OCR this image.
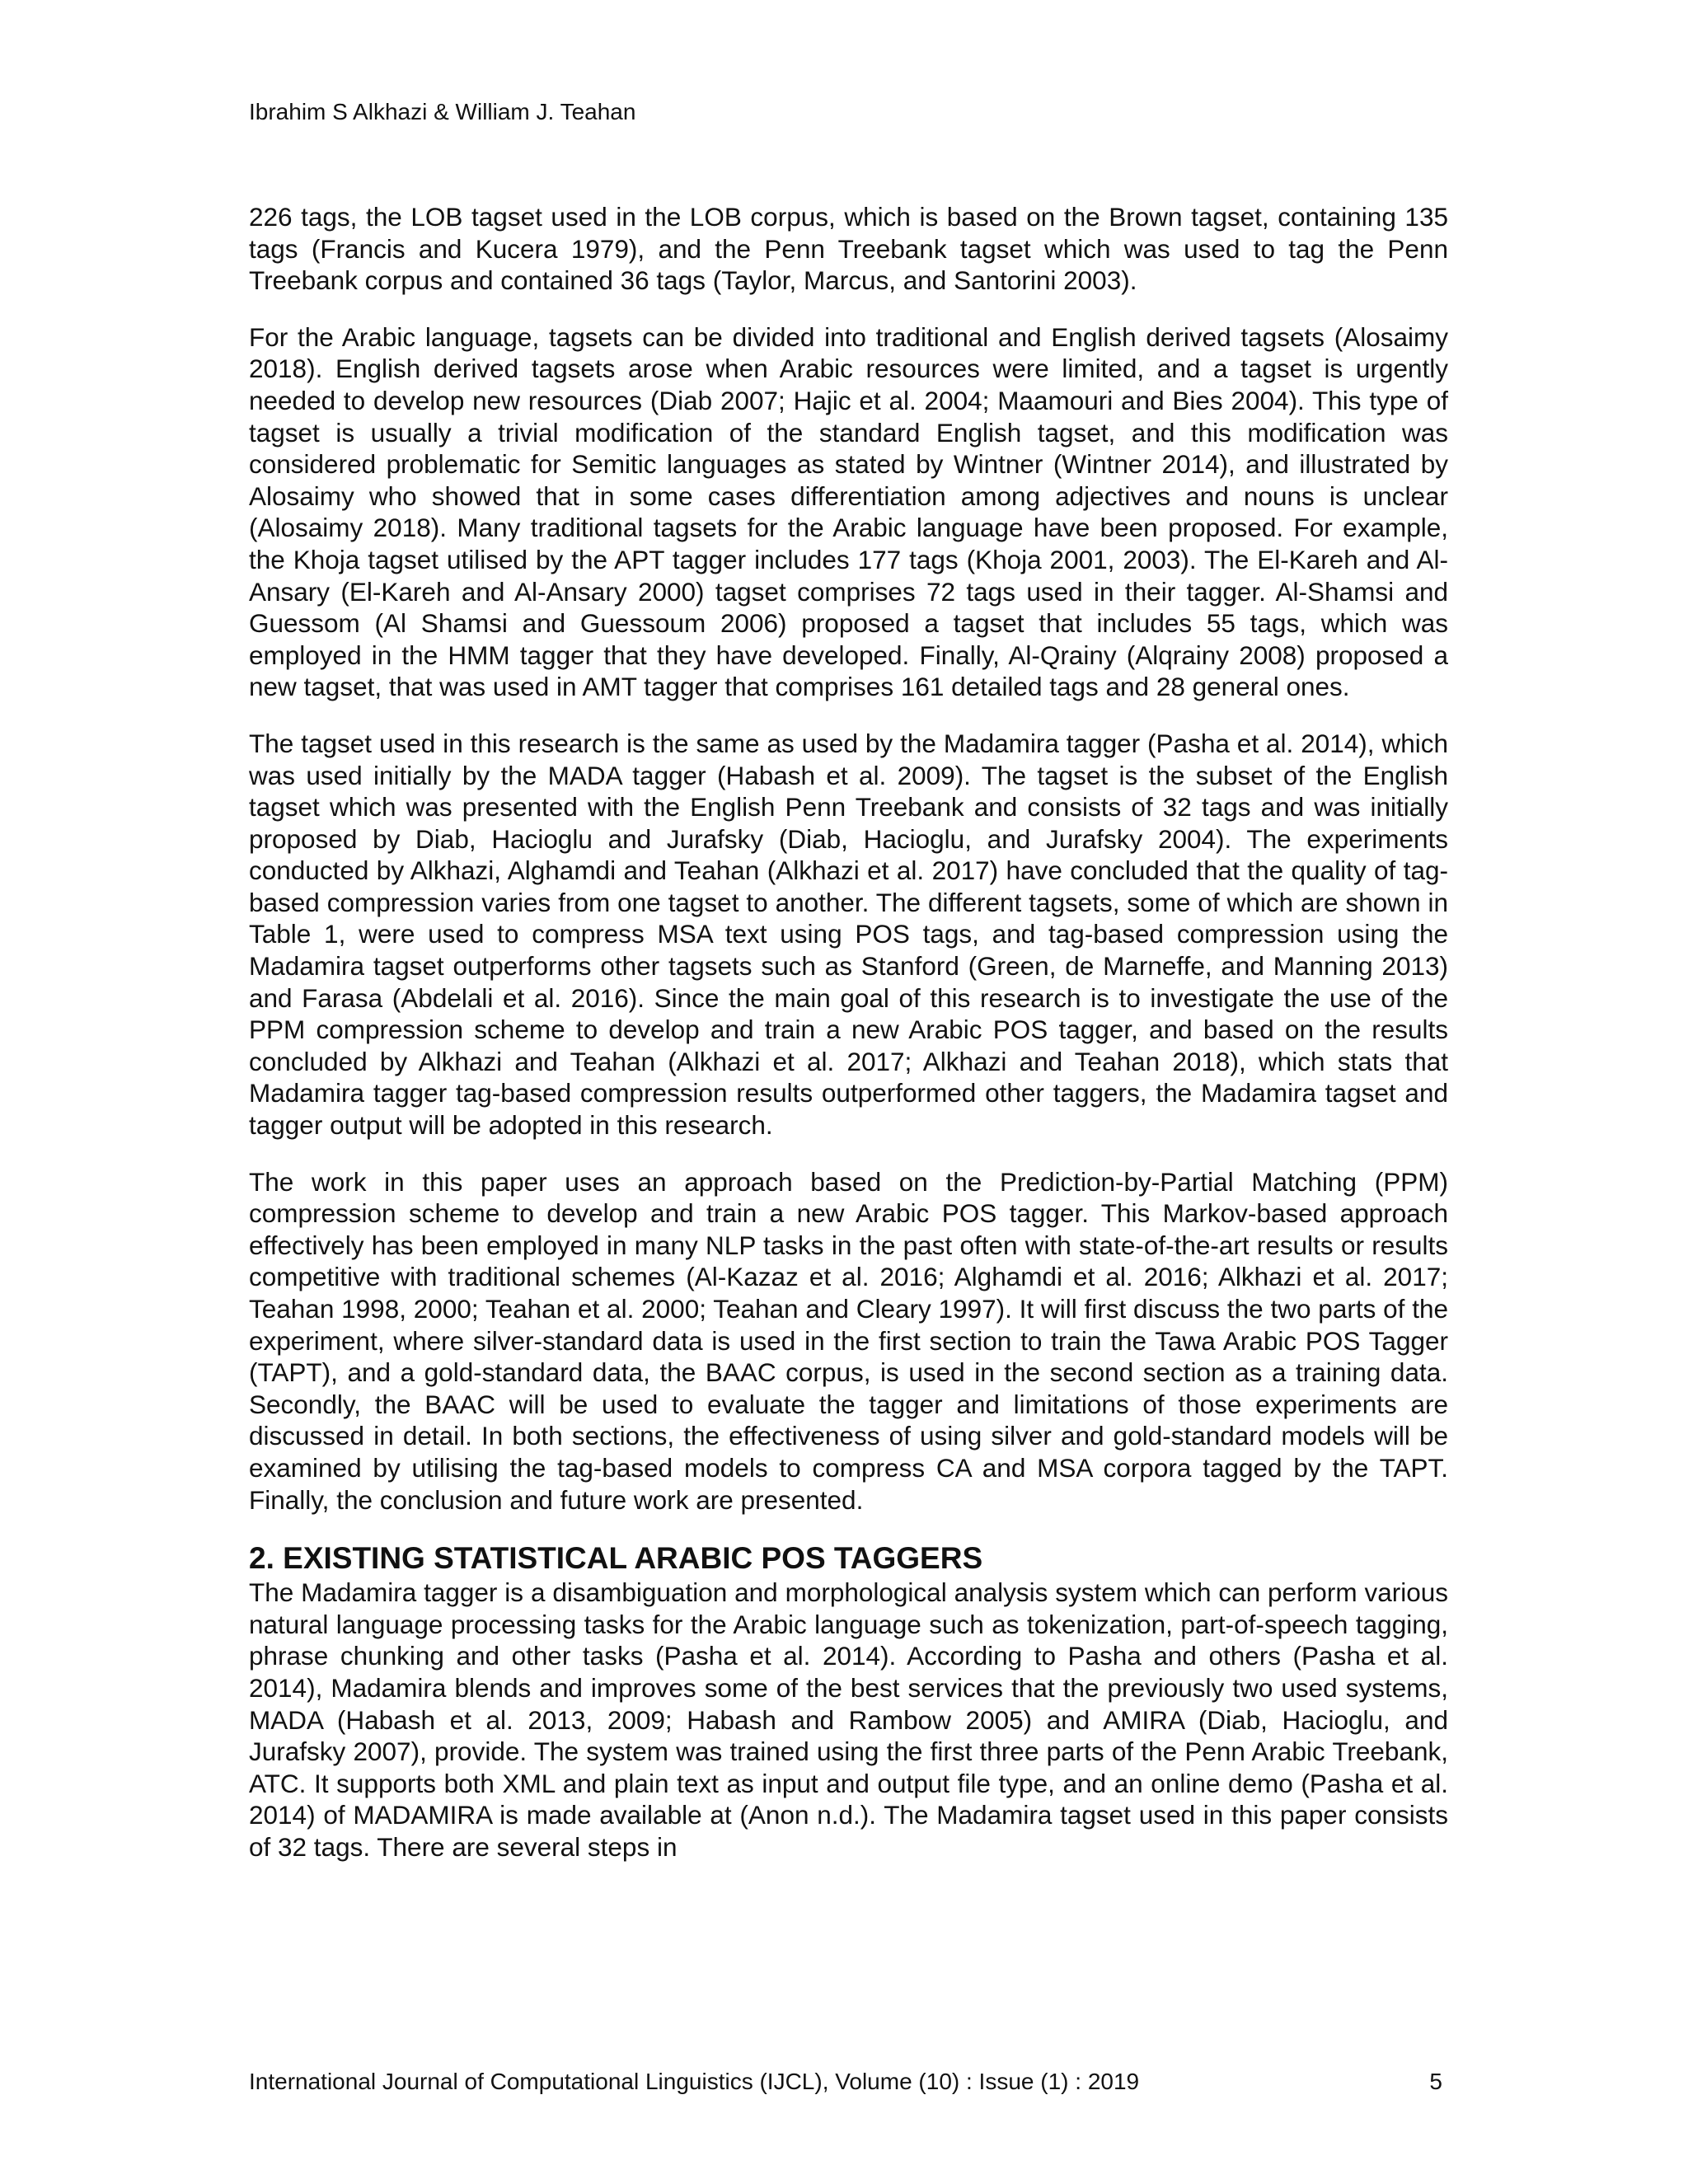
Ibrahim S Alkhazi & William J. Teahan

226 tags, the LOB tagset used in the LOB corpus, which is based on the Brown tagset, containing 135 tags (Francis and Kucera 1979), and the Penn Treebank tagset which was used to tag the Penn Treebank corpus and contained 36 tags (Taylor, Marcus, and Santorini 2003).

For the Arabic language, tagsets can be divided into traditional and English derived tagsets (Alosaimy 2018). English derived tagsets arose when Arabic resources were limited, and a tagset is urgently needed to develop new resources (Diab 2007; Hajic et al. 2004; Maamouri and Bies 2004). This type of tagset is usually a trivial modification of the standard English tagset, and this modification was considered problematic for Semitic languages as stated by Wintner (Wintner 2014), and illustrated by Alosaimy who showed that in some cases differentiation among adjectives and nouns is unclear (Alosaimy 2018). Many traditional tagsets for the Arabic language have been proposed. For example, the Khoja tagset utilised by the APT tagger includes 177 tags (Khoja 2001, 2003). The El-Kareh and Al-Ansary (El-Kareh and Al-Ansary 2000) tagset comprises 72 tags used in their tagger. Al-Shamsi and Guessom (Al Shamsi and Guessoum 2006) proposed a tagset that includes 55 tags, which was employed in the HMM tagger that they have developed. Finally, Al-Qrainy (Alqrainy 2008) proposed a new tagset, that was used in AMT tagger that comprises 161 detailed tags and 28 general ones.

The tagset used in this research is the same as used by the Madamira tagger (Pasha et al. 2014), which was used initially by the MADA tagger (Habash et al. 2009). The tagset is the subset of the English tagset which was presented with the English Penn Treebank and consists of 32 tags and was initially proposed by Diab, Hacioglu and Jurafsky (Diab, Hacioglu, and Jurafsky 2004). The experiments conducted by Alkhazi, Alghamdi and Teahan (Alkhazi et al. 2017) have concluded that the quality of tag-based compression varies from one tagset to another. The different tagsets, some of which are shown in Table 1, were used to compress MSA text using POS tags, and tag-based compression using the Madamira tagset outperforms other tagsets such as Stanford (Green, de Marneffe, and Manning 2013) and Farasa (Abdelali et al. 2016). Since the main goal of this research is to investigate the use of the PPM compression scheme to develop and train a new Arabic POS tagger, and based on the results concluded by Alkhazi and Teahan (Alkhazi et al. 2017; Alkhazi and Teahan 2018), which stats that Madamira tagger tag-based compression results outperformed other taggers, the Madamira tagset and tagger output will be adopted in this research.

The work in this paper uses an approach based on the Prediction-by-Partial Matching (PPM) compression scheme to develop and train a new Arabic POS tagger. This Markov-based approach effectively has been employed in many NLP tasks in the past often with state-of-the-art results or results competitive with traditional schemes (Al-Kazaz et al. 2016; Alghamdi et al. 2016; Alkhazi et al. 2017; Teahan 1998, 2000; Teahan et al. 2000; Teahan and Cleary 1997). It will first discuss the two parts of the experiment, where silver-standard data is used in the first section to train the Tawa Arabic POS Tagger (TAPT), and a gold-standard data, the BAAC corpus, is used in the second section as a training data. Secondly, the BAAC will be used to evaluate the tagger and limitations of those experiments are discussed in detail. In both sections, the effectiveness of using silver and gold-standard models will be examined by utilising the tag-based models to compress CA and MSA corpora tagged by the TAPT. Finally, the conclusion and future work are presented.

2. EXISTING STATISTICAL ARABIC POS TAGGERS

The Madamira tagger is a disambiguation and morphological analysis system which can perform various natural language processing tasks for the Arabic language such as tokenization, part-of-speech tagging, phrase chunking and other tasks (Pasha et al. 2014). According to Pasha and others (Pasha et al. 2014), Madamira blends and improves some of the best services that the previously two used systems, MADA (Habash et al. 2013, 2009; Habash and Rambow 2005) and AMIRA (Diab, Hacioglu, and Jurafsky 2007), provide. The system was trained using the first three parts of the Penn Arabic Treebank, ATC. It supports both XML and plain text as input and output file type, and an online demo (Pasha et al. 2014) of MADAMIRA is made available at (Anon n.d.). The Madamira tagset used in this paper consists of 32 tags. There are several steps in

International Journal of Computational Linguistics (IJCL), Volume (10) : Issue (1) : 2019	5
